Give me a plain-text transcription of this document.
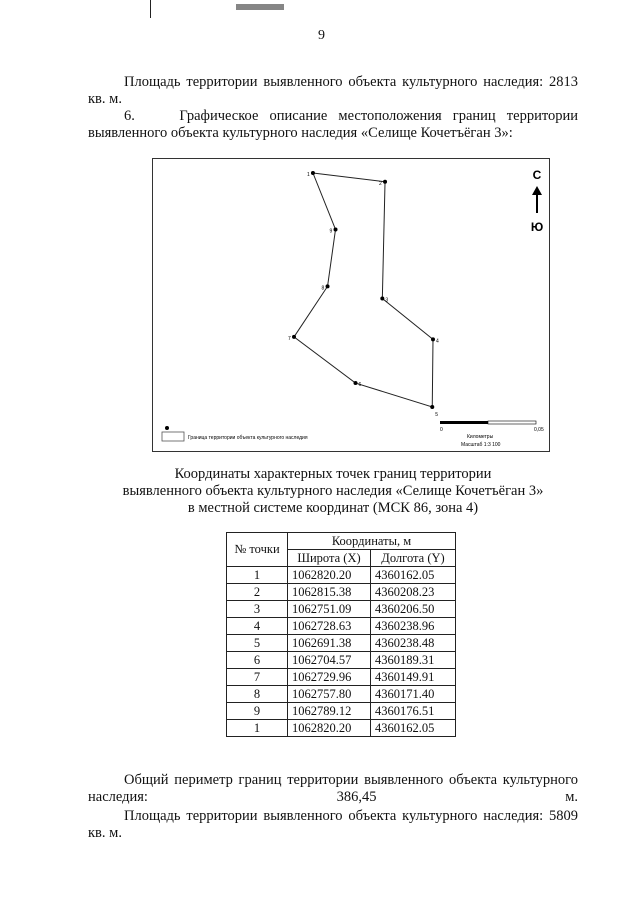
9
Площадь территории выявленного объекта культурного наследия: 2813 кв. м.
6.	Графическое описание местоположения границ территории выявленного объекта культурного наследия «Селище Кочетъёган 3»:
1
2
3
4
5
6
7
8
9
С
Ю
Граница территории объекта культурного наследия
0	0,05
Километры
Масштаб 1:3 100
Координаты характерных точек границ территории
выявленного объекта культурного наследия «Селище Кочетъёган 3»
в местной системе координат (МСК 86, зона 4)
№ точки	Координаты, м	
	Широта (X)	Долгота (Y)
1	1062820.20	4360162.05
2	1062815.38	4360208.23
3	1062751.09	4360206.50
4	1062728.63	4360238.96
5	1062691.38	4360238.48
6	1062704.57	4360189.31
7	1062729.96	4360149.91
8	1062757.80	4360171.40
9	1062789.12	4360176.51
1	1062820.20	4360162.05
Общий периметр границ территории выявленного объекта культурного наследия: 386,45 м.
Площадь территории выявленного объекта культурного наследия: 5809 кв. м.
